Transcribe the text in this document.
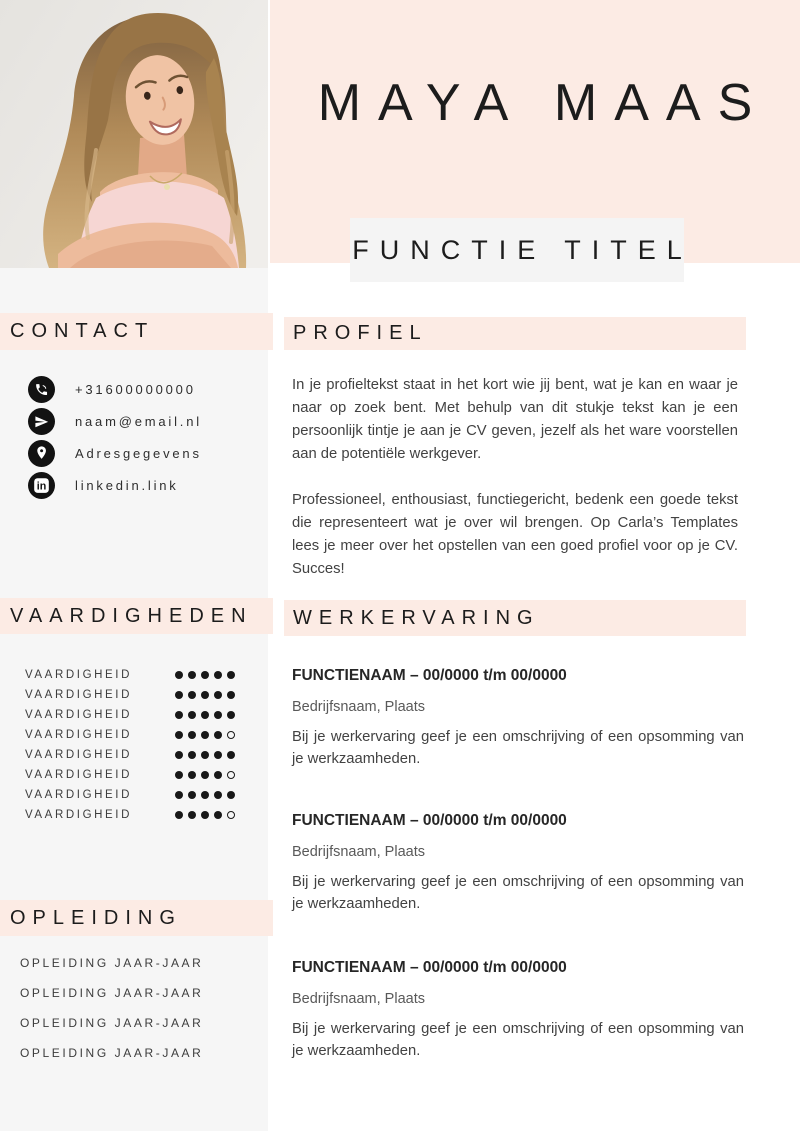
MAYA MAAS
FUNCTIE TITEL
CONTACT
+31600000000
naam@email.nl
Adresgegevens
in linkedin.link
VAARDIGHEDEN
VAARDIGHEID
VAARDIGHEID
VAARDIGHEID
VAARDIGHEID
VAARDIGHEID
VAARDIGHEID
VAARDIGHEID
VAARDIGHEID
OPLEIDING
OPLEIDING JAAR-JAAR
OPLEIDING JAAR-JAAR
OPLEIDING JAAR-JAAR
OPLEIDING JAAR-JAAR
PROFIEL

In je profieltekst staat in het kort wie jij bent, wat je kan en waar je naar op zoek bent. Met behulp van dit stukje tekst kan je een persoonlijk tintje je aan je CV geven, jezelf als het ware voorstellen aan de potentiële werkgever.

Professioneel, enthousiast, functiegericht, bedenk een goede tekst die representeert wat je over wil brengen. Op Carla’s Templates lees je meer over het opstellen van een goed profiel voor op je CV. Succes!

WERKERVARING
FUNCTIENAAM – 00/0000 t/m 00/0000
Bedrijfsnaam, Plaats
Bij je werkervaring geef je een omschrijving of een opsomming van je werkzaamheden.
FUNCTIENAAM – 00/0000 t/m 00/0000
Bedrijfsnaam, Plaats
Bij je werkervaring geef je een omschrijving of een opsomming van je werkzaamheden.
FUNCTIENAAM – 00/0000 t/m 00/0000
Bedrijfsnaam, Plaats
Bij je werkervaring geef je een omschrijving of een opsomming van je werkzaamheden.
